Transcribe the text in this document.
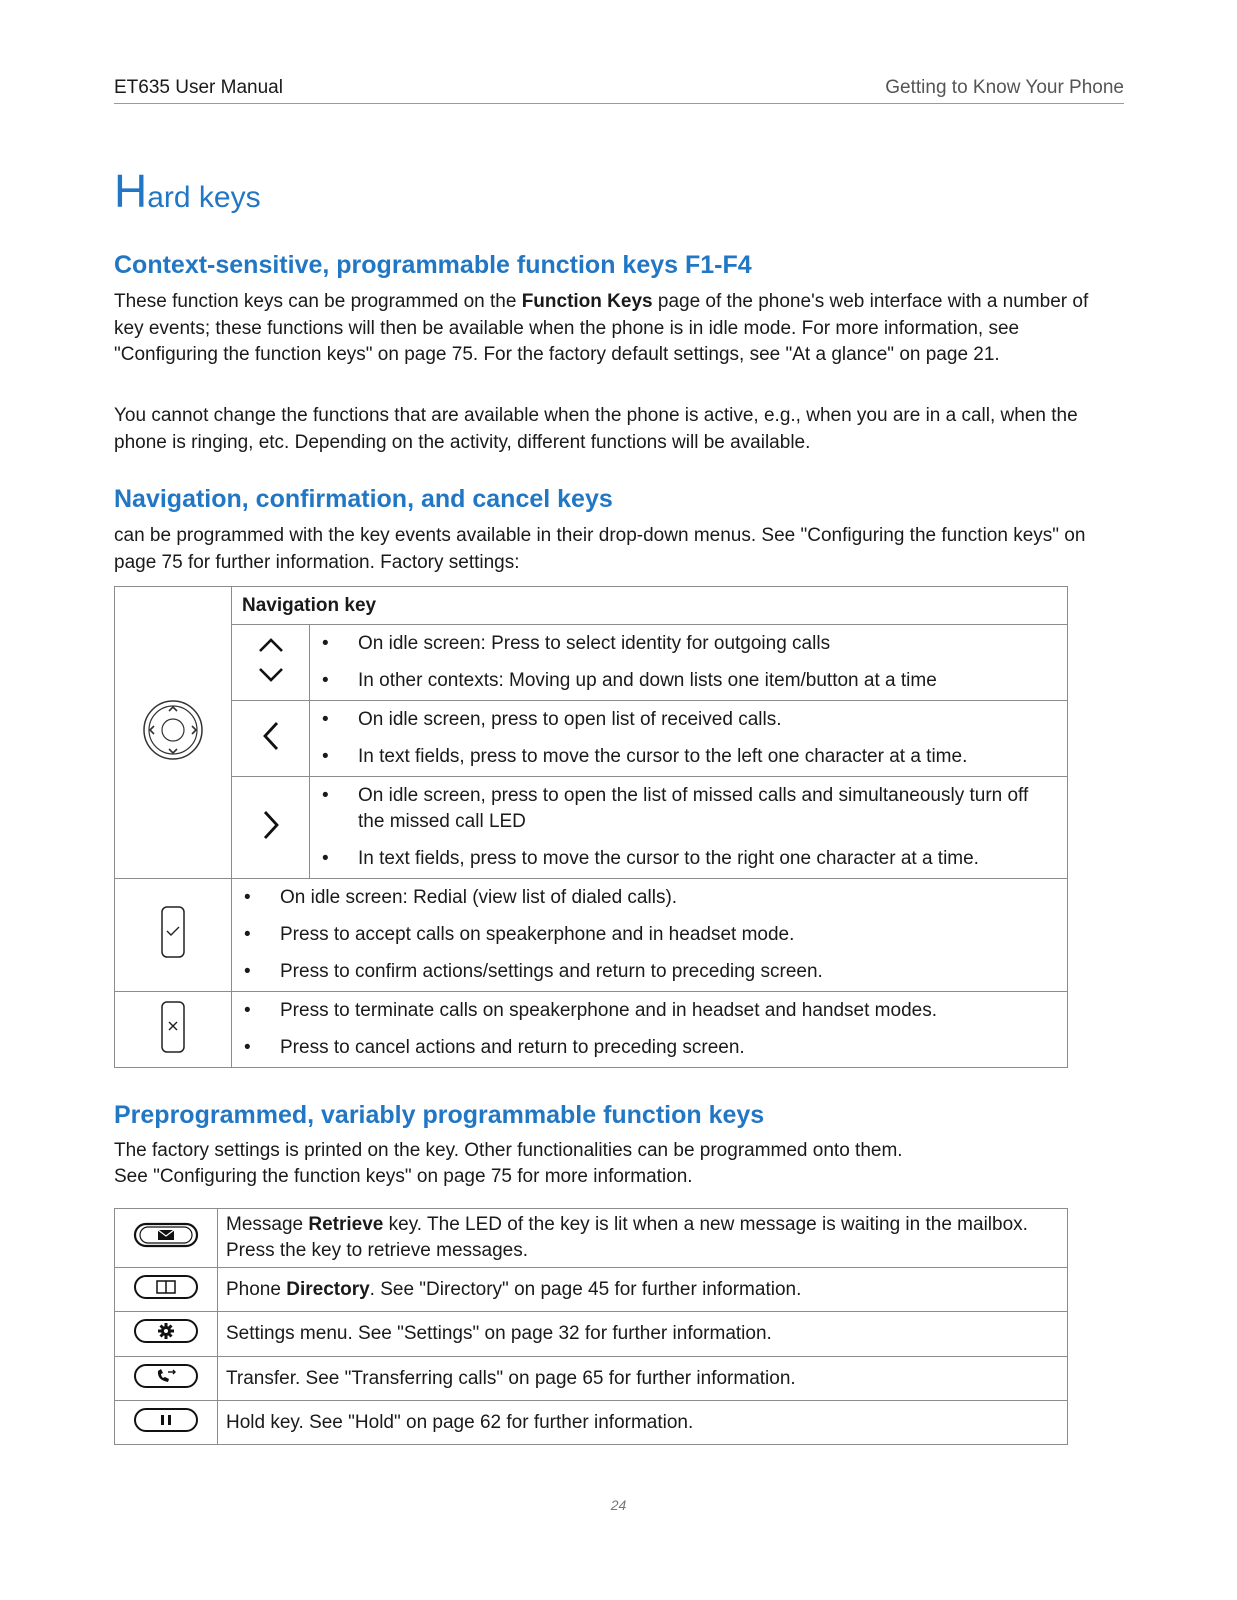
ET635 User Manual	Getting to Know Your Phone
Hard keys
Context-sensitive, programmable function keys F1-F4

These function keys can be programmed on the Function Keys page of the phone's web interface with a number of key events; these functions will then be available when the phone is in idle mode. For more information, see "Configuring the function keys" on page 75. For the factory default settings, see "At a glance" on page 21.

You cannot change the functions that are available when the phone is active, e.g., when you are in a call, when the phone is ringing, etc. Depending on the activity, different functions will be available.

Navigation, confirmation, and cancel keys

can be programmed with the key events available in their drop-down menus. See "Configuring the function keys" on page 75 for further information. Factory settings:

	Navigation key	

• On idle screen: Press to select identity for outgoing calls
• In other contexts: Moving up and down lists one item/button at a time

• On idle screen, press to open list of received calls.
• In text fields, press to move the cursor to the left one character at a time.

• On idle screen, press to open the list of missed calls and simultaneously turn off the missed call LED
• In text fields, press to move the cursor to the right one character at a time.

• On idle screen: Redial (view list of dialed calls).
• Press to accept calls on speakerphone and in headset mode.
• Press to confirm actions/settings and return to preceding screen.

• Press to terminate calls on speakerphone and in headset and handset modes.
• Press to cancel actions and return to preceding screen.
Preprogrammed, variably programmable function keys

The factory settings is printed on the key. Other functionalities can be programmed onto them.

See "Configuring the function keys" on page 75 for more information.

	Message Retrieve key. The LED of the key is lit when a new message is waiting in the mailbox. Press the key to retrieve messages.
	Phone Directory. See "Directory" on page 45 for further information.
	Settings menu. See "Settings" on page 32 for further information.
	Transfer. See "Transferring calls" on page 65 for further information.
	Hold key. See "Hold" on page 62 for further information.
24
